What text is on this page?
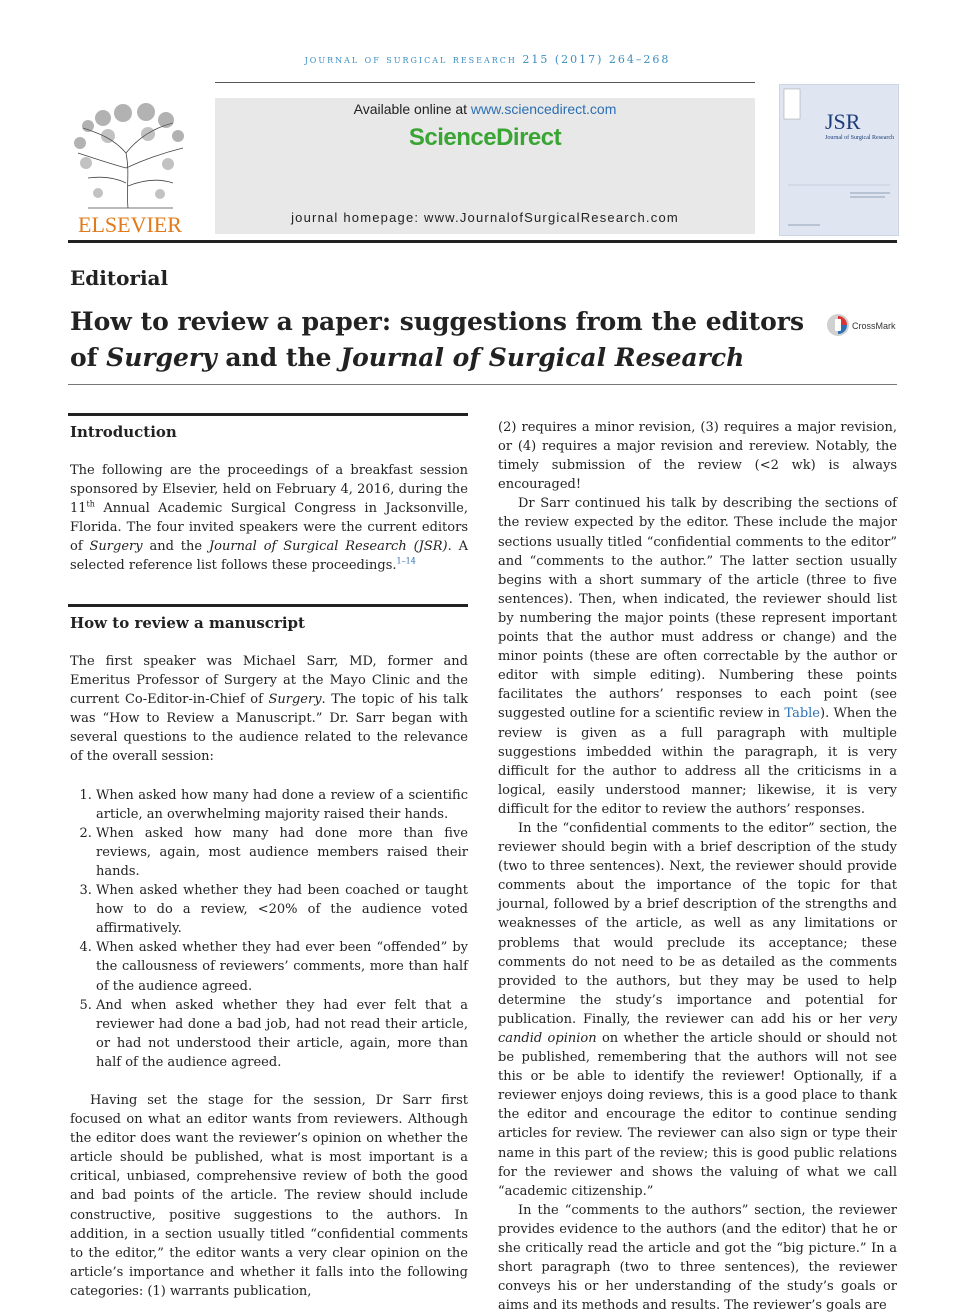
journal of surgical research 215 (2017) 264–268
ELSEVIER
Available online at www.sciencedirect.com
ScienceDirect
journal homepage: www.JournalofSurgicalResearch.com
JSR
Journal of Surgical Research
Editorial
How to review a paper: suggestions from the editors of Surgery and the Journal of Surgical Research
CrossMark
Introduction

The following are the proceedings of a breakfast session sponsored by Elsevier, held on February 4, 2016, during the 11th Annual Academic Surgical Congress in Jacksonville, Florida. The four invited speakers were the current editors of Surgery and the Journal of Surgical Research (JSR). A selected reference list follows these proceedings.$^{1-14}$

How to review a manuscript

The first speaker was Michael Sarr, MD, former and Emeritus Professor of Surgery at the Mayo Clinic and the current Co-Editor-in-Chief of Surgery. The topic of his talk was “How to Review a Manuscript.” Dr. Sarr began with several questions to the audience related to the relevance of the overall session:

1. When asked how many had done a review of a scientific article, an overwhelming majority raised their hands.
2. When asked how many had done more than five reviews, again, most audience members raised their hands.
3. When asked whether they had been coached or taught how to do a review, <20% of the audience voted affirmatively.
4. When asked whether they had ever been “offended” by the callousness of reviewers’ comments, more than half of the audience agreed.
5. And when asked whether they had ever felt that a reviewer had done a bad job, had not read their article, or had not understood their article, again, more than half of the audience agreed.

Having set the stage for the session, Dr Sarr first focused on what an editor wants from reviewers. Although the editor does want the reviewer’s opinion on whether the article should be published, what is most important is a critical, unbiased, comprehensive review of both the good and bad points of the article. The review should include constructive, positive suggestions to the authors. In addition, in a section usually titled “confidential comments to the editor,” the editor wants a very clear opinion on the article’s importance and whether it falls into the following categories: (1) warrants publication,

(2) requires a minor revision, (3) requires a major revision, or (4) requires a major revision and rereview. Notably, the timely submission of the review (<2 wk) is always encouraged!

Dr Sarr continued his talk by describing the sections of the review expected by the editor. These include the major sections usually titled “confidential comments to the editor” and “comments to the author.” The latter section usually begins with a short summary of the article (three to five sentences). Then, when indicated, the reviewer should list by numbering the major points (these represent important points that the author must address or change) and the minor points (these are often correctable by the author or editor with simple editing). Numbering these points facilitates the authors’ responses to each point (see suggested outline for a scientific review in Table). When the review is given as a full paragraph with multiple suggestions imbedded within the paragraph, it is very difficult for the author to address all the criticisms in a logical, easily understood manner; likewise, it is very difficult for the editor to review the authors’ responses.

In the “confidential comments to the editor” section, the reviewer should begin with a brief description of the study (two to three sentences). Next, the reviewer should provide comments about the importance of the topic for that journal, followed by a brief description of the strengths and weaknesses of the article, as well as any limitations or problems that would preclude its acceptance; these comments do not need to be as detailed as the comments provided to the authors, but they may be used to help determine the study’s importance and potential for publication. Finally, the reviewer can add his or her very candid opinion on whether the article should or should not be published, remembering that the authors will not see this or be able to identify the reviewer! Optionally, if a reviewer enjoys doing reviews, this is a good place to thank the editor and encourage the editor to continue sending articles for review. The reviewer can also sign or type their name in this part of the review; this is good public relations for the reviewer and shows the valuing of what we call “academic citizenship.”

In the “comments to the authors” section, the reviewer provides evidence to the authors (and the editor) that he or she critically read the article and got the “big picture.” In a short paragraph (two to three sentences), the reviewer conveys his or her understanding of the study’s goals or aims and its methods and results. The reviewer’s goals are
